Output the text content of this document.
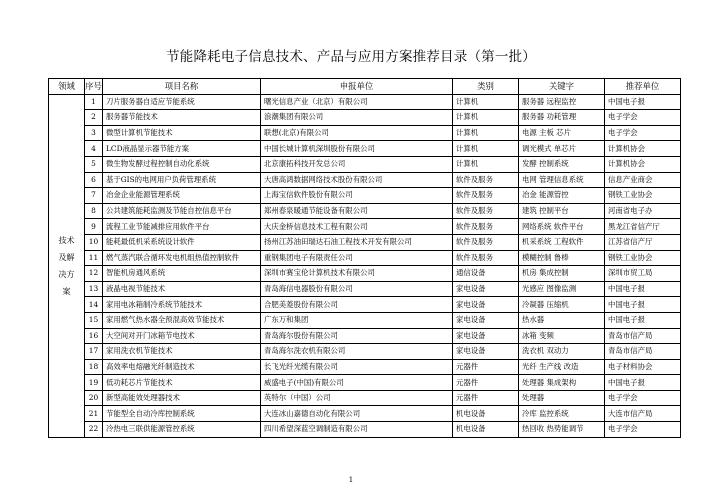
节能降耗电子信息技术、产品与应用方案推荐目录（第一批）
领域	序号	项目名称	申报单位	类别	关键字	推荐单位
技术及解决方案	1	刀片服务器自适应节能系统	曙光信息产业（北京）有限公司	计算机	服务器 远程监控	中国电子报
	2	服务器节能技术	浪潮集团有限公司	计算机	服务器 功耗管理	电子学会
	3	微型计算机节能技术	联想(北京)有限公司	计算机	电源 主板 芯片	电子学会
	4	LCD液晶显示器节能方案	中国长城计算机深圳股份有限公司	计算机	调光模式 单芯片	计算机协会
	5	微生物发酵过程控制自动化系统	北京康拓科技开发总公司	计算机	发酵 控制系统	计算机协会
	6	基于GIS的电网用户负荷管理系统	大唐高鸿数据网络技术股份有限公司	软件及服务	电网 管理信息系统	信息产业商会
	7	冶金企业能源管理系统	上海宝信软件股份有限公司	软件及服务	冶金 能源管控	钢铁工业协会
	8	公共建筑能耗监测及节能自控信息平台	郑州春泉暖通节能设备有限公司	软件及服务	建筑 控制平台	河南省电子办
	9	流程工业节能减排应用软件平台	大庆金桥信息技术工程有限公司	软件及服务	网络系统 软件平台	黑龙江省信产厅
	10	能耗最低机采系统设计软件	扬州江苏油田瑞达石油工程技术开发有限公司	软件及服务	机采系统 工程软件	江苏省信产厅
	11	燃气蒸汽联合循环发电机组热值控制软件	重钢集团电子有限责任公司	软件及服务	模糊控制 鲁棒	钢铁工业协会
	12	智能机房通风系统	深圳市赛宝伦计算机技术有限公司	通信设备	机房 集成控制	深圳市贸工局
	13	液晶电视节能技术	青岛海信电器股份有限公司	家电设备	光感应 图像监测	中国电子报
	14	家用电冰箱制冷系统节能技术	合肥美菱股份有限公司	家电设备	冷凝器 压缩机	中国电子报
	15	家用燃气热水器全预混高效节能技术	广东万和集团	家电设备	热水器	中国电子报
	16	大空间对开门冰箱节电技术	青岛海尔股份有限公司	家电设备	冰箱 变频	青岛市信产局
	17	家用洗衣机节能技术	青岛海尔洗衣机有限公司	家电设备	洗衣机 双动力	青岛市信产局
	18	高效率电熔融光纤制造技术	长飞光纤光缆有限公司	元器件	光纤 生产线 改造	电子材料协会
	19	低功耗芯片节能技术	威盛电子(中国)有限公司	元器件	处理器 集成架构	中国电子报
	20	新型高能效处理器技术	英特尔（中国）公司	元器件	处理器	电子学会
	21	节能型全自动冷库控制系统	大连冰山嘉德自动化有限公司	机电设备	冷库 监控系统	大连市信产局
	22	冷热电三联供能源管控系统	四川希望深蓝空调制造有限公司	机电设备	热回收 热势能调节	电子学会
1
